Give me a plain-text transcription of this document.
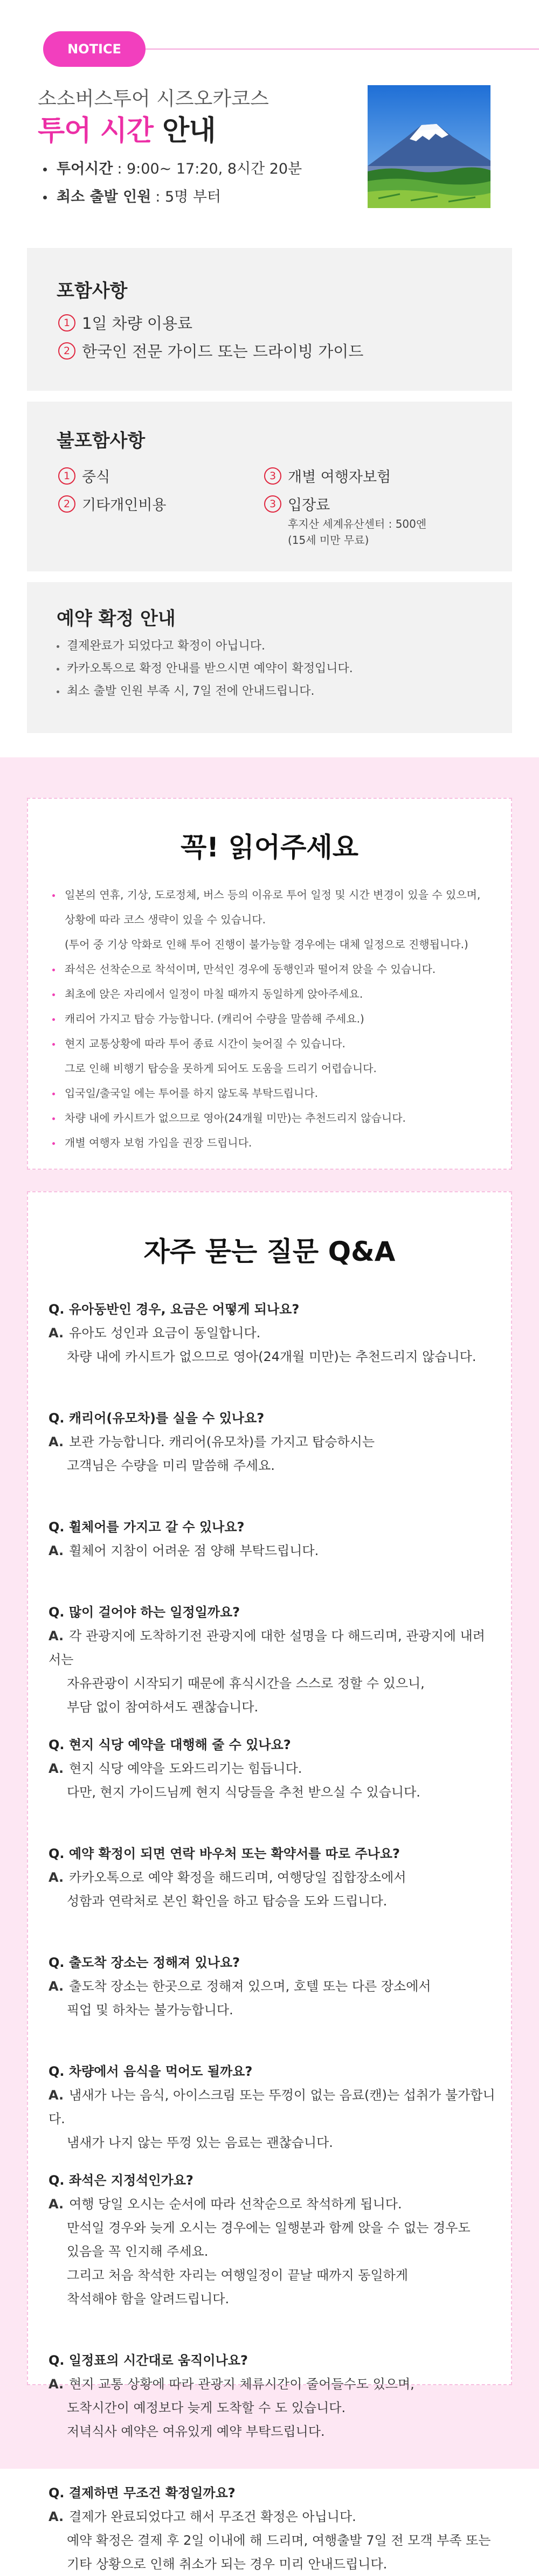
NOTICE
소소버스투어 시즈오카코스
투어 시간 안내
투어시간 : 9:00~ 17:20, 8시간 20분
최소 출발 인원 : 5명 부터
포함사항
1 1일 차량 이용료
2 한국인 전문 가이드 또는 드라이빙 가이드
불포함사항
1 중식
2 기타개인비용
3 개별 여행자보험
3 입장료
후지산 세계유산센터 : 500엔
(15세 미만 무료)
예약 확정 안내
결제완료가 되었다고 확정이 아닙니다.
카카오톡으로 확정 안내를 받으시면 예약이 확정입니다.
최소 출발 인원 부족 시, 7일 전에 안내드립니다.
꼭! 읽어주세요
일본의 연휴, 기상, 도로정체, 버스 등의 이유로 투어 일정 및 시간 변경이 있을 수 있으며,
상황에 따라 코스 생략이 있을 수 있습니다.
(투어 중 기상 악화로 인해 투어 진행이 불가능할 경우에는 대체 일정으로 진행됩니다.)
좌석은 선착순으로 착석이며, 만석인 경우에 동행인과 떨어져 앉을 수 있습니다.
최초에 앉은 자리에서 일정이 마칠 때까지 동일하게 앉아주세요.
캐리어 가지고 탑승 가능합니다. (캐리어 수량을 말씀해 주세요.)
현지 교통상황에 따라 투어 종료 시간이 늦어질 수 있습니다.
그로 인해 비행기 탑승을 못하게 되어도 도움을 드리기 어렵습니다.
입국일/출국일 에는 투어를 하지 않도록 부탁드립니다.
차량 내에 카시트가 없으므로 영아(24개월 미만)는 추천드리지 않습니다.
개별 여행자 보험 가입을 권장 드립니다.
자주 묻는 질문 Q&A
Q. 유아동반인 경우, 요금은 어떻게 되나요?
A. 유아도 성인과 요금이 동일합니다.
차량 내에 카시트가 없으므로 영아(24개월 미만)는 추천드리지 않습니다.
Q. 캐리어(유모차)를 실을 수 있나요?
A. 보관 가능합니다. 캐리어(유모차)를 가지고 탑승하시는
고객님은 수량을 미리 말씀해 주세요.
Q. 휠체어를 가지고 갈 수 있나요?
A. 휠체어 지참이 어려운 점 양해 부탁드립니다.
Q. 많이 걸어야 하는 일정일까요?
A. 각 관광지에 도착하기전 관광지에 대한 설명을 다 해드리며, 관광지에 내려서는
자유관광이 시작되기 때문에 휴식시간을 스스로 정할 수 있으니,
부담 없이 참여하셔도 괜찮습니다.
Q. 현지 식당 예약을 대행해 줄 수 있나요?
A. 현지 식당 예약을 도와드리기는 힘듭니다.
다만, 현지 가이드님께 현지 식당들을 추천 받으실 수 있습니다.
Q. 예약 확정이 되면 연락 바우처 또는 확약서를 따로 주나요?
A. 카카오톡으로 예약 확정을 해드리며, 여행당일 집합장소에서
성함과 연락처로 본인 확인을 하고 탑승을 도와 드립니다.
Q. 출도착 장소는 정해져 있나요?
A. 출도착 장소는 한곳으로 정해져 있으며, 호텔 또는 다른 장소에서
픽업 및 하차는 불가능합니다.
Q. 차량에서 음식을 먹어도 될까요?
A. 냄새가 나는 음식, 아이스크림 또는 뚜껑이 없는 음료(캔)는 섭취가 불가합니다.
냄새가 나지 않는 뚜껑 있는 음료는 괜찮습니다.
Q. 좌석은 지정석인가요?
A. 여행 당일 오시는 순서에 따라 선착순으로 착석하게 됩니다.
만석일 경우와 늦게 오시는 경우에는 일행분과 함께 앉을 수 없는 경우도
있음을 꼭 인지해 주세요.
그리고 처음 착석한 자리는 여행일정이 끝날 때까지 동일하게
착석해야 함을 알려드립니다.
Q. 일정표의 시간대로 움직이나요?
A. 현지 교통 상황에 따라 관광지 체류시간이 줄어들수도 있으며,
도착시간이 예정보다 늦게 도착할 수 도 있습니다.
저녁식사 예약은 여유있게 예약 부탁드립니다.
Q. 결제하면 무조건 확정일까요?
A. 결제가 완료되었다고 해서 무조건 확정은 아닙니다.
예약 확정은 결제 후 2일 이내에 해 드리며, 여행출발 7일 전 모객 부족 또는
기타 상황으로 인해 취소가 되는 경우 미리 안내드립니다.
